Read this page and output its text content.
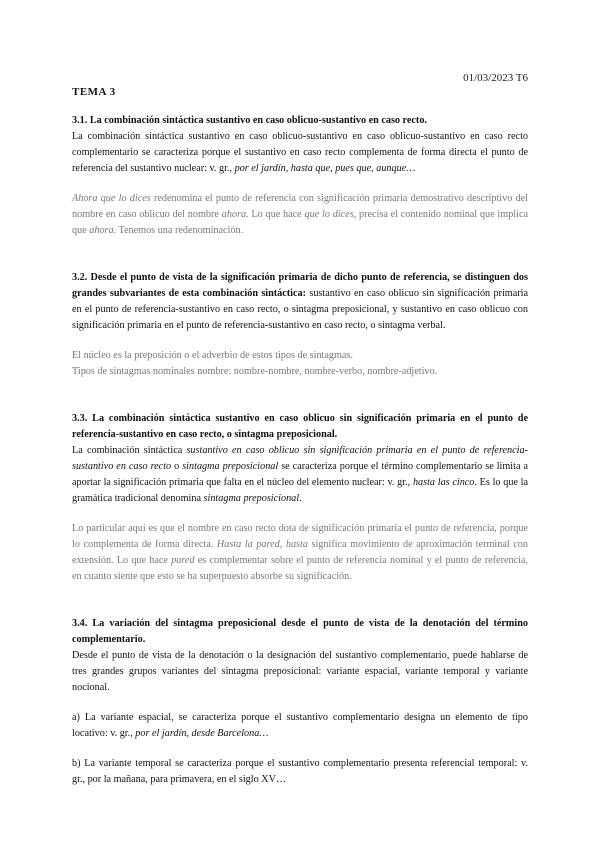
01/03/2023 T6
TEMA 3

3.1. La combinación sintáctica sustantivo en caso oblicuo-sustantivo en caso recto.

La combinación sintáctica sustantivo en caso oblicuo-sustantivo en caso oblicuo-sustantivo en caso recto complementario se caracteriza porque el sustantivo en caso recto complementa de forma directa el punto de referencia del sustantivo nuclear: v. gr., por el jardín, hasta que, pues que, aunque…

Ahora que lo dices redenomina el punto de referencia con significación primaria demostrativo descriptivo del nombre en caso oblicuo del nombre ahora. Lo que hace que lo dices, precisa el contenido nominal que implica que ahora. Tenemos una redenominación.

3.2. Desde el punto de vista de la significación primaria de dicho punto de referencia, se distinguen dos grandes subvariantes de esta combinación sintáctica: sustantivo en caso oblicuo sin significación primaria en el punto de referencia-sustantivo en caso recto, o sintagma preposicional, y sustantivo en caso oblicuo con significación primaria en el punto de referencia-sustantivo en caso recto, o sintagma verbal.

El núcleo es la preposición o el adverbio de estos tipos de sintagmas.

Tipos de sintagmas nominales nombre: nombre-nombre, nombre-verbo, nombre-adjetivo.

3.3. La combinación sintáctica sustantivo en caso oblicuo sin significación primaria en el punto de referencia-sustantivo en caso recto, o sintagma preposicional.

La combinación sintáctica sustantivo en caso oblicuo sin significación primaria en el punto de referencia-sustantivo en caso recto o sintagma preposicional se caracteriza porque el término complementario se limita a aportar la significación primaria que falta en el núcleo del elemento nuclear: v. gr., hasta las cinco. Es lo que la gramática tradicional denomina sintagma preposicional.

Lo particular aquí es que el nombre en caso recto dota de significación primaria el punto de referencia, porque lo complementa de forma directa. Hasta la pared, hasta significa movimiento de aproximación terminal con extensión. Lo que hace pared es complementar sobre el punto de referencia nominal y el punto de referencia, en cuanto siente que esto se ha superpuesto absorbe su significación.

3.4. La variación del sintagma preposicional desde el punto de vista de la denotación del término complementario.

Desde el punto de vista de la denotación o la designación del sustantivo complementario, puede hablarse de tres grandes grupos variantes del sintagma preposicional: variante espacial, variante temporal y variante nocional.

a) La variante espacial, se caracteriza porque el sustantivo complementario designa un elemento de tipo locativo: v. gr., por el jardín, desde Barcelona…

b) La variante temporal se caracteriza porque el sustantivo complementario presenta referencial temporal: v. gr., por la mañana, para primavera, en el siglo XV…
